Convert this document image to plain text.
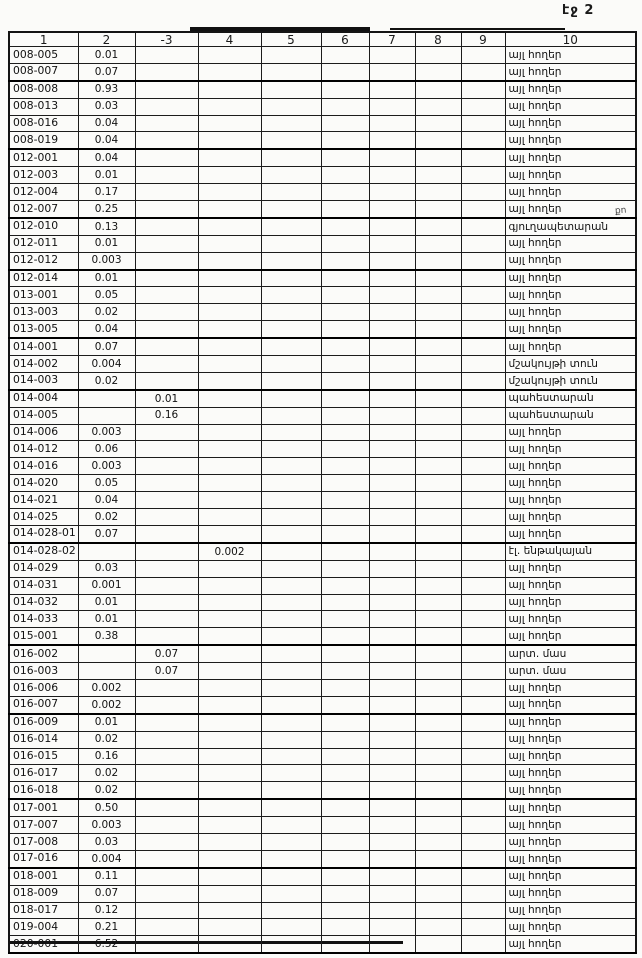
էջ 2
1	2	-3	4	5	6	7	8	9	10
008-005	0.01								այլ հողեր
008-007	0.07								այլ հողեր
008-008	0.93								այլ հողեր
008-013	0.03								այլ հողեր
008-016	0.04								այլ հողեր
008-019	0.04								այլ հողեր
012-001	0.04								այլ հողեր
012-003	0.01								այլ հողեր
012-004	0.17								այլ հողեր
012-007	0.25								այլ հողեր
012-010	0.13								գյուղապետարան
012-011	0.01								այլ հողեր
012-012	0.003								այլ հողեր
012-014	0.01								այլ հողեր
013-001	0.05								այլ հողեր
013-003	0.02								այլ հողեր
013-005	0.04								այլ հողեր
014-001	0.07								այլ հողեր
014-002	0.004								մշակույթի տուն
014-003	0.02								մշակույթի տուն
014-004		0.01							պահեստարան
014-005		0.16							պահեստարան
014-006	0.003								այլ հողեր
014-012	0.06								այլ հողեր
014-016	0.003								այլ հողեր
014-020	0.05								այլ հողեր
014-021	0.04								այլ հողեր
014-025	0.02								այլ հողեր
014-028-01	0.07								այլ հողեր
014-028-02			0.002						էլ. ենթակայան
014-029	0.03								այլ հողեր
014-031	0.001								այլ հողեր
014-032	0.01								այլ հողեր
014-033	0.01								այլ հողեր
015-001	0.38								այլ հողեր
016-002		0.07							արտ. մաս
016-003		0.07							արտ. մաս
016-006	0.002								այլ հողեր
016-007	0.002								այլ հողեր
016-009	0.01								այլ հողեր
016-014	0.02								այլ հողեր
016-015	0.16								այլ հողեր
016-017	0.02								այլ հողեր
016-018	0.02								այլ հողեր
017-001	0.50								այլ հողեր
017-007	0.003								այլ հողեր
017-008	0.03								այլ հողեր
017-016	0.004								այլ հողեր
018-001	0.11								այլ հողեր
018-009	0.07								այլ հողեր
018-017	0.12								այլ հողեր
019-004	0.21								այլ հողեր
020-001	6.52								այլ հողեր
քո
